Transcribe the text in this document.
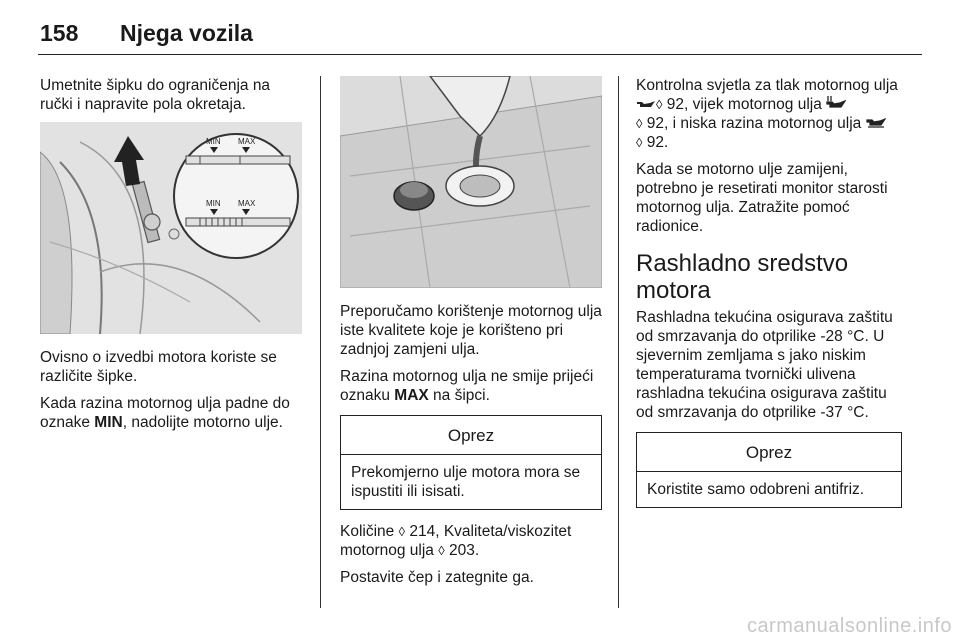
158 Njega vozila

Umetnite šipku do ograničenja na ručki i napravite pola okretaja.

MIN MAX
MIN MAX

Ovisno o izvedbi motora koriste se različite šipke.

Kada razina motornog ulja padne do oznake MIN, nadolijte motorno ulje.

Preporučamo korištenje motornog ulja iste kvalitete koje je korišteno pri zadnjoj zamjeni ulja.

Razina motornog ulja ne smije prijeći oznaku MAX na šipci.

Oprez
Prekomjerno ulje motora mora se ispustiti ili isisati.

Količine ◊ 214, Kvaliteta/viskozitet motornog ulja ◊ 203.

Postavite čep i zategnite ga.

Kontrolna svjetla za tlak motornog ulja ◊ 92, vijek motornog ulja
◊ 92, i niska razina motornog ulja
◊ 92.

Kada se motorno ulje zamijeni, potrebno je resetirati monitor starosti motornog ulja. Zatražite pomoć radionice.

Rashladno sredstvo motora

Rashladna tekućina osigurava zaštitu od smrzavanja do otprilike -28 °C. U sjevernim zemljama s jako niskim temperaturama tvornički ulivena rashladna tekućina osigurava zaštitu od smrzavanja do otprilike -37 °C.

Oprez
Koristite samo odobreni antifriz.
carmanualsonline.info
